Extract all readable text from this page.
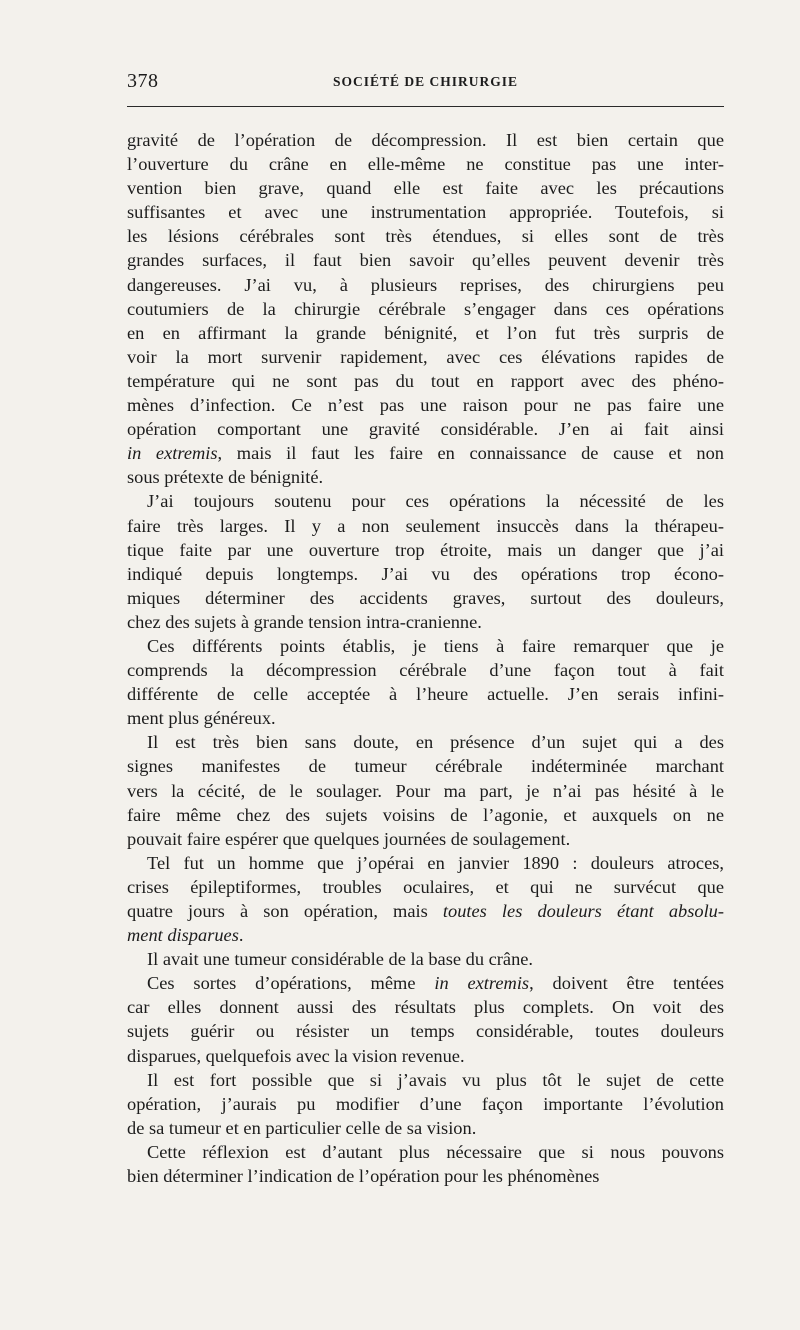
378	SOCIÉTÉ DE CHIRURGIE
gravité de l’opération de décompression. Il est bien certain que
l’ouverture du crâne en elle-même ne constitue pas une inter-
vention bien grave, quand elle est faite avec les précautions
suffisantes et avec une instrumentation appropriée. Toutefois, si
les lésions cérébrales sont très étendues, si elles sont de très
grandes surfaces, il faut bien savoir qu’elles peuvent devenir très
dangereuses. J’ai vu, à plusieurs reprises, des chirurgiens peu
coutumiers de la chirurgie cérébrale s’engager dans ces opérations
en en affirmant la grande bénignité, et l’on fut très surpris de
voir la mort survenir rapidement, avec ces élévations rapides de
température qui ne sont pas du tout en rapport avec des phéno-
mènes d’infection. Ce n’est pas une raison pour ne pas faire une
opération comportant une gravité considérable. J’en ai fait ainsi
in extremis, mais il faut les faire en connaissance de cause et non
sous prétexte de bénignité.
J’ai toujours soutenu pour ces opérations la nécessité de les
faire très larges. Il y a non seulement insuccès dans la thérapeu-
tique faite par une ouverture trop étroite, mais un danger que j’ai
indiqué depuis longtemps. J’ai vu des opérations trop écono-
miques déterminer des accidents graves, surtout des douleurs,
chez des sujets à grande tension intra-cranienne.
Ces différents points établis, je tiens à faire remarquer que je
comprends la décompression cérébrale d’une façon tout à fait
différente de celle acceptée à l’heure actuelle. J’en serais infini-
ment plus généreux.
Il est très bien sans doute, en présence d’un sujet qui a des
signes manifestes de tumeur cérébrale indéterminée marchant
vers la cécité, de le soulager. Pour ma part, je n’ai pas hésité à le
faire même chez des sujets voisins de l’agonie, et auxquels on ne
pouvait faire espérer que quelques journées de soulagement.
Tel fut un homme que j’opérai en janvier 1890 : douleurs atroces,
crises épileptiformes, troubles oculaires, et qui ne survécut que
quatre jours à son opération, mais toutes les douleurs étant absolu-
ment disparues.
Il avait une tumeur considérable de la base du crâne.
Ces sortes d’opérations, même in extremis, doivent être tentées
car elles donnent aussi des résultats plus complets. On voit des
sujets guérir ou résister un temps considérable, toutes douleurs
disparues, quelquefois avec la vision revenue.
Il est fort possible que si j’avais vu plus tôt le sujet de cette
opération, j’aurais pu modifier d’une façon importante l’évolution
de sa tumeur et en particulier celle de sa vision.
Cette réflexion est d’autant plus nécessaire que si nous pouvons
bien déterminer l’indication de l’opération pour les phénomènes
